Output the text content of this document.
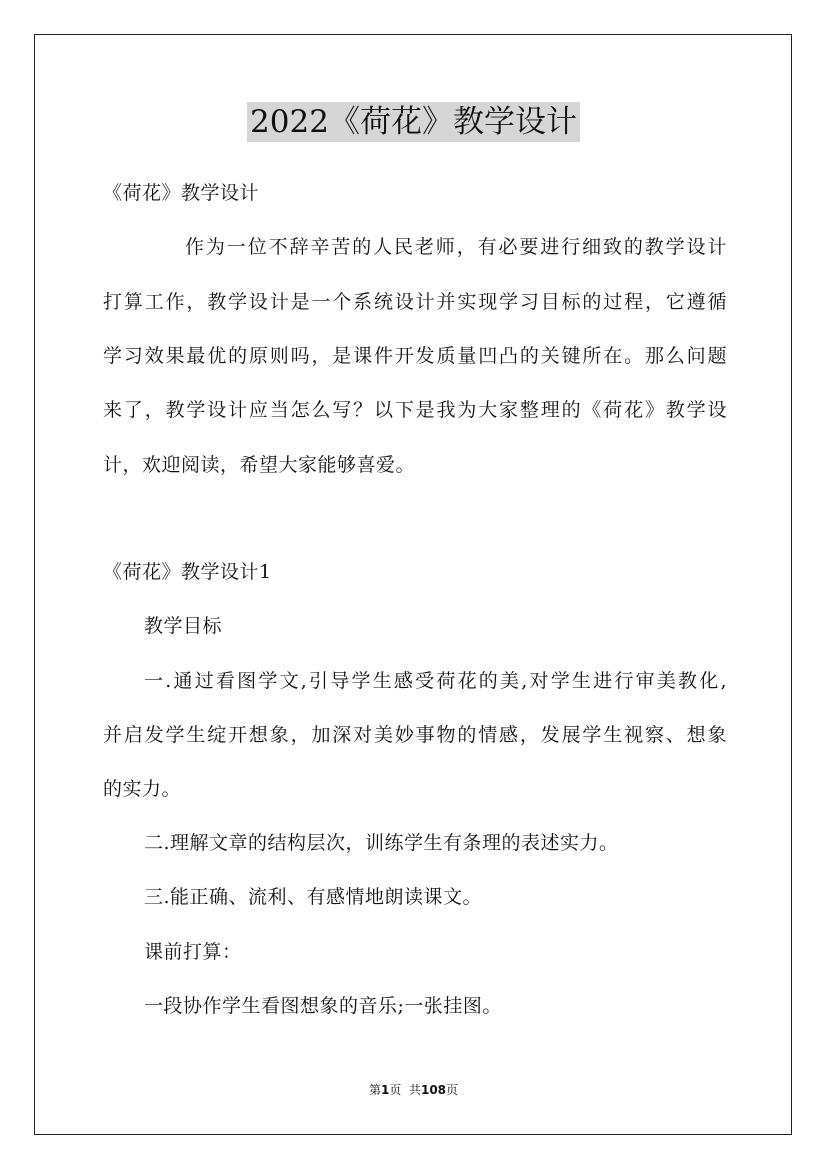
2022《荷花》教学设计
《荷花》教学设计
作为一位不辞辛苦的人民老师，有必要进行细致的教学设计
打算工作，教学设计是一个系统设计并实现学习目标的过程，它遵循
学习效果最优的原则吗，是课件开发质量凹凸的关键所在。那么问题
来了，教学设计应当怎么写？以下是我为大家整理的《荷花》教学设
计，欢迎阅读，希望大家能够喜爱。
《荷花》教学设计1
教学目标
一.通过看图学文,引导学生感受荷花的美,对学生进行审美教化,
并启发学生绽开想象，加深对美妙事物的情感，发展学生视察、想象
的实力。
二.理解文章的结构层次，训练学生有条理的表述实力。
三.能正确、流利、有感情地朗读课文。
课前打算：
一段协作学生看图想象的音乐;一张挂图。
第1页  共108页
